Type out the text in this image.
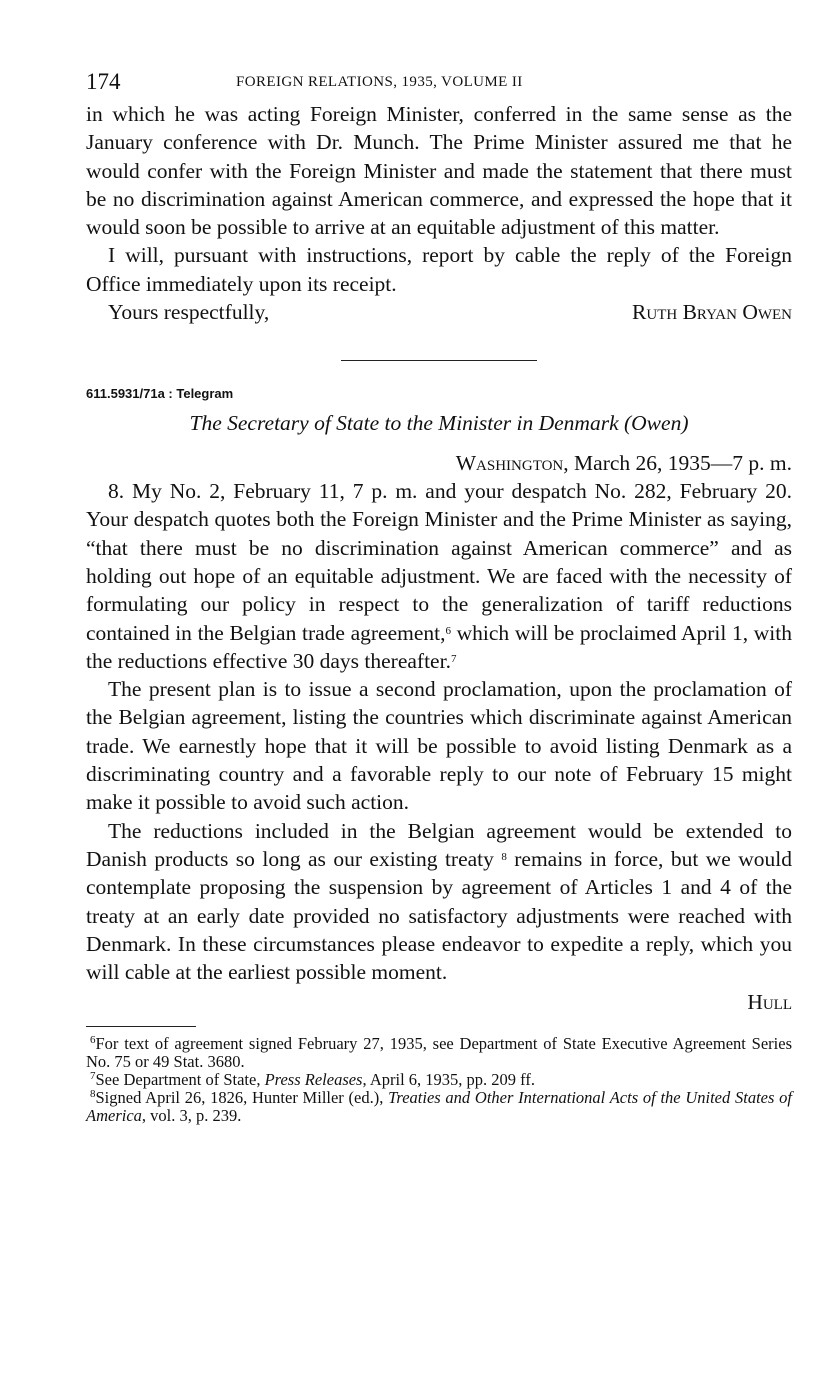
174	FOREIGN RELATIONS, 1935, VOLUME II

in which he was acting Foreign Minister, conferred in the same sense as the January conference with Dr. Munch. The Prime Minister assured me that he would confer with the Foreign Minister and made the statement that there must be no discrimination against American commerce, and expressed the hope that it would soon be possible to arrive at an equitable adjustment of this matter.

I will, pursuant with instructions, report by cable the reply of the Foreign Office immediately upon its receipt.

Yours respectfully,	Ruth Bryan Owen
611.5931/71a : Telegram
The Secretary of State to the Minister in Denmark (Owen)
Washington, March 26, 1935—7 p. m.

8. My No. 2, February 11, 7 p. m. and your despatch No. 282, February 20. Your despatch quotes both the Foreign Minister and the Prime Minister as saying, “that there must be no discrimination against American commerce” and as holding out hope of an equitable adjustment. We are faced with the necessity of formulating our policy in respect to the generalization of tariff reductions contained in the Belgian trade agreement,$^6$ which will be proclaimed April 1, with the reductions effective 30 days thereafter.$^7$

The present plan is to issue a second proclamation, upon the proclamation of the Belgian agreement, listing the countries which discriminate against American trade. We earnestly hope that it will be possible to avoid listing Denmark as a discriminating country and a favorable reply to our note of February 15 might make it possible to avoid such action.

The reductions included in the Belgian agreement would be extended to Danish products so long as our existing treaty $^8$ remains in force, but we would contemplate proposing the suspension by agreement of Articles 1 and 4 of the treaty at an early date provided no satisfactory adjustments were reached with Denmark. In these circumstances please endeavor to expedite a reply, which you will cable at the earliest possible moment.

Hull

$^6$For text of agreement signed February 27, 1935, see Department of State Executive Agreement Series No. 75 or 49 Stat. 3680.

$^7$See Department of State, Press Releases, April 6, 1935, pp. 209 ff.

$^8$Signed April 26, 1826, Hunter Miller (ed.), Treaties and Other International Acts of the United States of America, vol. 3, p. 239.
